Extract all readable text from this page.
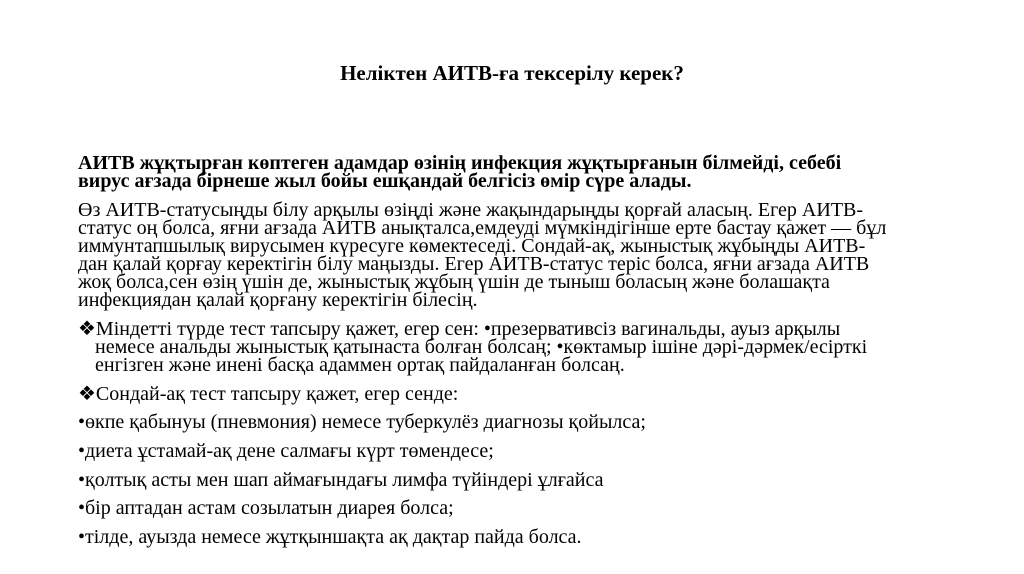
Неліктен АИТВ-ға тексерілу керек?
АИТВ жұқтырған көптеген адамдар өзінің инфекция жұқтырғанын білмейді, себебі
вирус ағзада бірнеше жыл бойы ешқандай белгісіз өмір сүре алады.
Өз АИТВ-статусыңды білу арқылы өзіңді және жақындарыңды қорғай аласың. Егер АИТВ-
статус оң болса, яғни ағзада АИТВ анықталса,емдеуді мүмкіндігінше ерте бастау қажет — бұл
иммунтапшылық вирусымен күресуге көмектеседі. Сондай-ақ, жыныстық жұбыңды АИТВ-
дан қалай қорғау керектігін білу маңызды. Егер АИТВ-статус теріс болса, яғни ағзада АИТВ
жоқ болса,сен өзің үшін де, жыныстық жұбың үшін де тыныш боласың және болашақта
инфекциядан қалай қорғану керектігін білесің.
❖Міндетті түрде тест тапсыру қажет, егер сен: •презервативсіз вагинальды, ауыз арқылы
немесе анальды жыныстық қатынаста болған болсаң; •көктамыр ішіне дәрі-дәрмек/есірткі
енгізген және инені басқа адаммен ортақ пайдаланған болсаң.
❖Сондай-ақ тест тапсыру қажет, егер сенде:
•өкпе қабынуы (пневмония) немесе туберкулёз диагнозы қойылса;
•диета ұстамай-ақ дене салмағы күрт төмендесе;
•қолтық асты мен шап аймағындағы лимфа түйіндері ұлғайса
•бір аптадан астам созылатын диарея болса;
•тілде, ауызда немесе жұтқыншақта ақ дақтар пайда болса.
